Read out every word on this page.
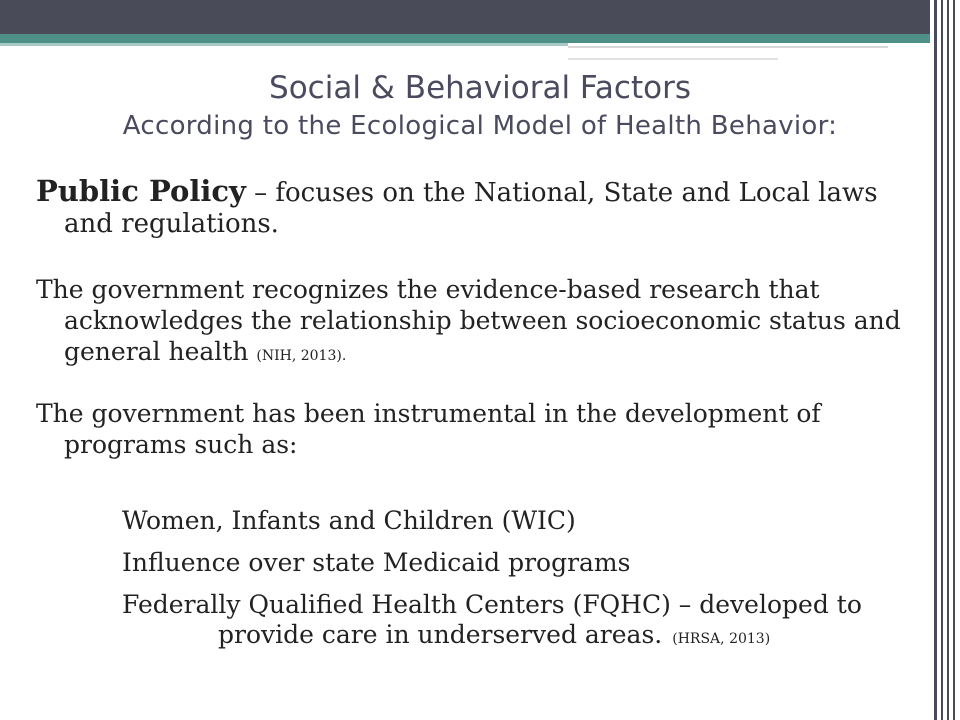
Social & Behavioral Factors
According to the Ecological Model of Health Behavior:

Public Policy – focuses on the National, State and Local laws and regulations.

The government recognizes the evidence-based research that acknowledges the relationship between socioeconomic status and general health (NIH, 2013).

The government has been instrumental in the development of programs such as:

Women, Infants and Children (WIC)

Influence over state Medicaid programs

Federally Qualified Health Centers (FQHC) – developed to provide care in underserved areas. (HRSA, 2013)
